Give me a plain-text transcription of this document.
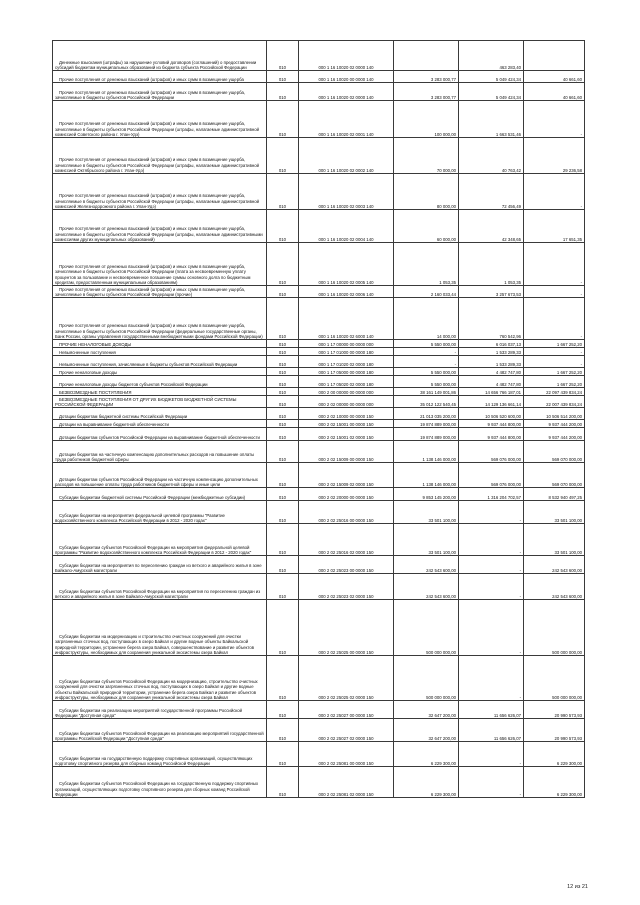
Денежные взыскания (штрафы) за нарушение условий договоров (соглашений) о предоставлении субсидий бюджетам муниципальных образований из бюджета субъекта Российской Федерации	010	000 1 16 10020 02 0000 140		463 283,40	
Прочие поступления от денежных взысканий (штрафов) и иных сумм в возмещение ущерба	010	000 1 16 10020 00 0000 140	3 283 000,77	5 049 424,34	40 661,60
Прочие поступления от денежных взысканий (штрафов) и иных сумм в возмещение ущерба, зачисляемые в бюджеты субъектов Российской Федерации	010	000 1 16 10020 02 0000 140	3 283 000,77	5 049 424,34	40 661,60
Прочие поступления от денежных взысканий (штрафов) и иных сумм в возмещение ущерба, зачисляемые в бюджеты субъектов Российской Федерации (штрафы, налагаемые административной комиссией Советского района г. Улан-Удэ)	010	000 1 16 10020 02 0001 140	100 000,00	1 663 531,46	-
Прочие поступления от денежных взысканий (штрафов) и иных сумм в возмещение ущерба, зачисляемые в бюджеты субъектов Российской Федерации (штрафы, налагаемые административной комиссией Октябрьского района г. Улан-Удэ)	010	000 1 16 10020 02 0002 140	70 000,00	40 763,42	29 236,58
Прочие поступления от денежных взысканий (штрафов) и иных сумм в возмещение ущерба, зачисляемые в бюджеты субъектов Российской Федерации (штрафы, налагаемые административной комиссией Железнодорожного района г. Улан-Удэ)	010	000 1 16 10020 02 0003 140	80 000,00	72 456,49	-
Прочие поступления от денежных взысканий (штрафов) и иных сумм в возмещение ущерба, зачисляемые в бюджеты субъектов Российской Федерации (штрафы, налагаемые административными комиссиями других муниципальных образований)	010	000 1 16 10020 02 0004 140	60 000,00	42 348,65	17 651,35
Прочие поступления от денежных взысканий (штрафов) и иных сумм в возмещение ущерба, зачисляемые в бюджеты субъектов Российской Федерации (плата за несвоевременную уплату процентов за пользование и несвоевременное погашение суммы основного долга по бюджетным кредитам, предоставленным муниципальным образованиям)	010	000 1 16 10020 02 0005 140	1 053,35	1 053,35	-
Прочие поступления от денежных взысканий (штрафов) и иных сумм в возмещение ущерба, зачисляемые в бюджеты субъектов Российской Федерации (прочие)	010	000 1 16 10020 02 0006 140	2 160 033,44	3 257 673,53	-
Прочие поступления от денежных взысканий (штрафов) и иных сумм в возмещение ущерба, зачисляемые в бюджеты субъектов Российской Федерации (федеральные государственные органы, Банк России, органы управления государственными внебюджетными фондами Российской Федерации)	010	000 1 16 10020 02 6000 140	14 000,00	760 542,96	-
ПРОЧИЕ НЕНАЛОГОВЫЕ ДОХОДЫ	010	000 1 17 00000 00 0000 000	5 550 000,00	6 016 037,13	1 667 252,20
Невыясненные поступления	010	000 1 17 01000 00 0000 180	-	1 533 289,33	-
Невыясненные поступления, зачисляемые в бюджеты субъектов Российской Федерации	010	000 1 17 01020 02 0000 180	-	1 533 289,33	-
Прочие неналоговые доходы	010	000 1 17 05000 00 0000 180	5 550 000,00	4 482 747,80	1 667 252,20
Прочие неналоговые доходы бюджетов субъектов Российской Федерации	010	000 1 17 05020 02 0000 180	5 550 000,00	4 482 747,80	1 667 252,20
БЕЗВОЗМЕЗДНЫЕ ПОСТУПЛЕНИЯ	010	000 2 00 00000 00 0000 000	38 161 149 001,86	14 656 766 187,01	22 097 439 834,24
БЕЗВОЗМЕЗДНЫЕ ПОСТУПЛЕНИЯ ОТ ДРУГИХ БЮДЖЕТОВ БЮДЖЕТНОЙ СИСТЕМЫ РОССИЙСКОЙ ФЕДЕРАЦИИ	010	000 2 02 00000 00 0000 000	35 012 122 540,45	14 129 136 661,14	22 007 439 834,24
Дотации бюджетам бюджетной системы Российской Федерации	010	000 2 02 10000 00 0000 150	21 013 035 200,00	10 506 520 600,00	10 506 514 200,00
Дотации на выравнивание бюджетной обеспеченности	010	000 2 02 15001 00 0000 150	19 874 889 000,00	9 937 444 800,00	9 937 444 200,00
Дотации бюджетам субъектов Российской Федерации на выравнивание бюджетной обеспеченности	010	000 2 02 15001 02 0000 150	19 874 889 000,00	9 937 444 800,00	9 937 444 200,00
Дотации бюджетам на частичную компенсацию дополнительных расходов на повышение оплаты труда работников бюджетной сферы	010	000 2 02 15009 00 0000 150	1 138 146 000,00	569 076 000,00	569 070 000,00
Дотации бюджетам субъектов Российской Федерации на частичную компенсацию дополнительных расходов на повышение оплаты труда работников бюджетной сферы и иные цели	010	000 2 02 15009 02 0000 150	1 138 146 000,00	569 076 000,00	569 070 000,00
Субсидии бюджетам бюджетной системы Российской Федерации (межбюджетные субсидии)	010	000 2 02 20000 00 0000 150	9 853 145 200,00	1 316 204 702,57	8 532 940 497,25
Субсидии бюджетам на мероприятия федеральной целевой программы "Развитие водохозяйственного комплекса Российской Федерации в 2012 - 2020 годах"	010	000 2 02 25016 00 0000 150	33 501 100,00	-	33 501 100,00
Субсидии бюджетам субъектов Российской Федерации на мероприятия федеральной целевой программы "Развитие водохозяйственного комплекса Российской Федерации в 2012 - 2020 годах"	010	000 2 02 25016 02 0000 150	33 501 100,00	-	33 501 100,00
Субсидии бюджетам на мероприятия по переселению граждан из ветхого и аварийного жилья в зоне Байкало-Амурской магистрали	010	000 2 02 25023 00 0000 150	242 543 600,00	-	242 543 600,00
Субсидии бюджетам субъектов Российской Федерации на мероприятия по переселению граждан из ветхого и аварийного жилья в зоне Байкало-Амурской магистрали	010	000 2 02 25023 02 0000 150	242 543 600,00	-	242 543 600,00
Субсидии бюджетам на модернизацию и строительство очистных сооружений для очистки загрязненных сточных вод, поступающих в озеро Байкал и другие водные объекты Байкальской природной территории, устранение берега озера Байкал, совершенствование и развитие объектов инфраструктуры, необходимых для сохранения уникальной экосистемы озера Байкал	010	000 2 02 25025 00 0000 150	500 000 000,00	-	500 000 000,00
Субсидии бюджетам субъектов Российской Федерации на модернизацию, строительство очистных сооружений для очистки загрязненных сточных вод, поступающих в озеро Байкал и другие водные объекты Байкальской природной территории, устранение берега озера Байкал и развитие объектов инфраструктуры, необходимых для сохранения уникальной экосистемы озера Байкал	010	000 2 02 25025 02 0000 150	500 000 000,00	-	500 000 000,00
Субсидии бюджетам на реализацию мероприятий государственной программы Российской Федерации "Доступная среда"	010	000 2 02 25027 00 0000 150	32 647 200,00	11 656 626,07	20 990 573,93
Субсидии бюджетам субъектов Российской Федерации на реализацию мероприятий государственной программы Российской Федерации "Доступная среда"	010	000 2 02 25027 02 0000 150	32 647 200,00	11 656 626,07	20 990 573,93
Субсидии бюджетам на государственную поддержку спортивных организаций, осуществляющих подготовку спортивного резерва для сборных команд Российской Федерации	010	000 2 02 25081 00 0000 150	6 229 300,00	-	6 229 300,00
Субсидии бюджетам субъектов Российской Федерации на государственную поддержку спортивных организаций, осуществляющих подготовку спортивного резерва для сборных команд Российской Федерации	010	000 2 02 25081 02 0000 150	6 229 300,00	-	6 229 300,00
12 из 21
